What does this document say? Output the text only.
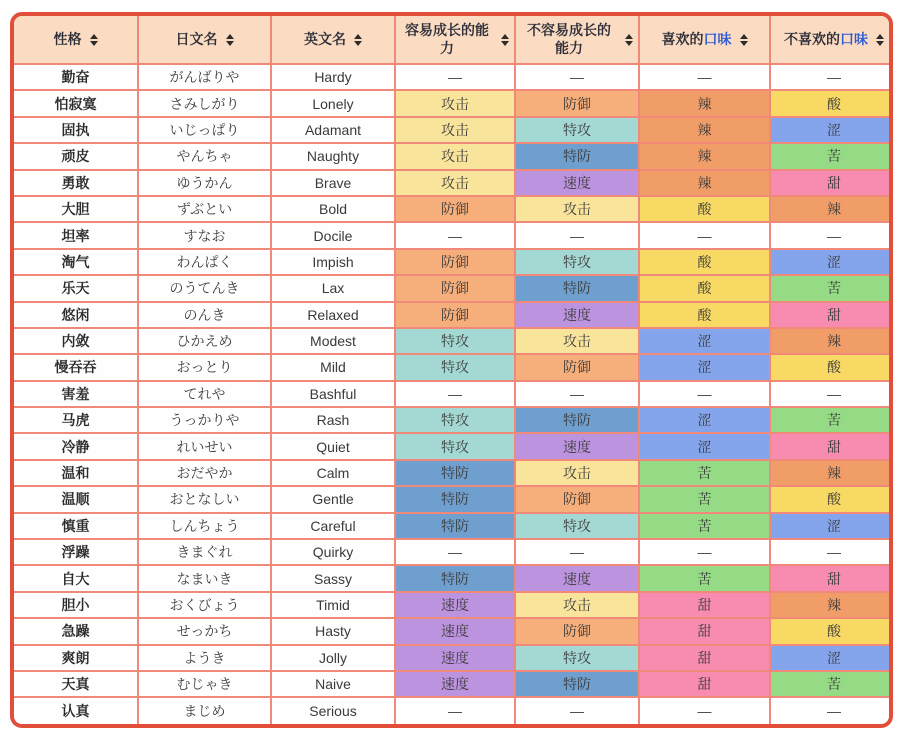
性格	日文名	英文名	容易成长的能力	不容易成长的能力	喜欢的口味	不喜欢的口味

勤奋	がんばりや	Hardy	—	—	—	—
怕寂寞	さみしがり	Lonely	攻击	防御	辣	酸
固执	いじっぱり	Adamant	攻击	特攻	辣	涩
顽皮	やんちゃ	Naughty	攻击	特防	辣	苦
勇敢	ゆうかん	Brave	攻击	速度	辣	甜
大胆	ずぶとい	Bold	防御	攻击	酸	辣
坦率	すなお	Docile	—	—	—	—
淘气	わんぱく	Impish	防御	特攻	酸	涩
乐天	のうてんき	Lax	防御	特防	酸	苦
悠闲	のんき	Relaxed	防御	速度	酸	甜
内敛	ひかえめ	Modest	特攻	攻击	涩	辣
慢吞吞	おっとり	Mild	特攻	防御	涩	酸
害羞	てれや	Bashful	—	—	—	—
马虎	うっかりや	Rash	特攻	特防	涩	苦
冷静	れいせい	Quiet	特攻	速度	涩	甜
温和	おだやか	Calm	特防	攻击	苦	辣
温顺	おとなしい	Gentle	特防	防御	苦	酸
慎重	しんちょう	Careful	特防	特攻	苦	涩
浮躁	きまぐれ	Quirky	—	—	—	—
自大	なまいき	Sassy	特防	速度	苦	甜
胆小	おくびょう	Timid	速度	攻击	甜	辣
急躁	せっかち	Hasty	速度	防御	甜	酸
爽朗	ようき	Jolly	速度	特攻	甜	涩
天真	むじゃき	Naive	速度	特防	甜	苦
认真	まじめ	Serious	—	—	—	—
